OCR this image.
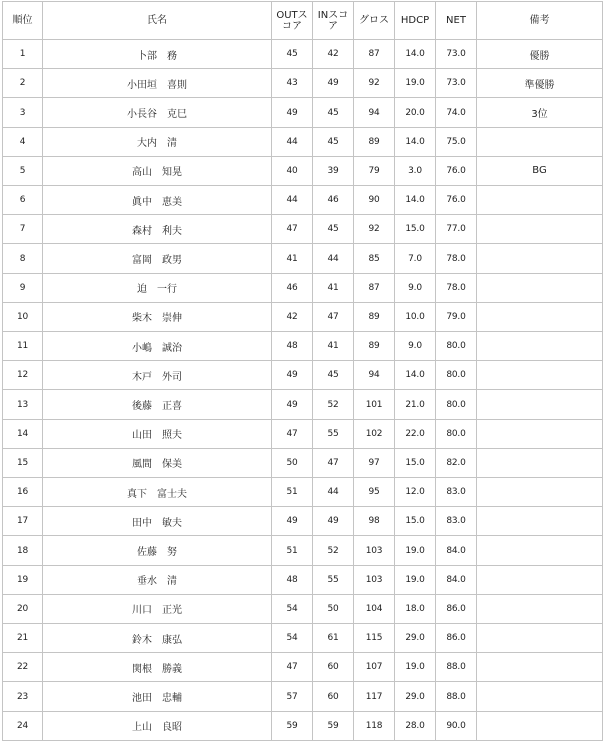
順位	氏名	OUTスコア	INスコア	グロス	HDCP	NET	備考
1	卜部　務	45	42	87	14.0	73.0	優勝
2	小田垣　喜則	43	49	92	19.0	73.0	準優勝
3	小長谷　克巳	49	45	94	20.0	74.0	3位
4	大内　清	44	45	89	14.0	75.0	
5	高山　知晃	40	39	79	3.0	76.0	BG
6	眞中　恵美	44	46	90	14.0	76.0	
7	森村　利夫	47	45	92	15.0	77.0	
8	富岡　政男	41	44	85	7.0	78.0	
9	迫　一行	46	41	87	9.0	78.0	
10	柴木　崇伸	42	47	89	10.0	79.0	
11	小嶋　誠治	48	41	89	9.0	80.0	
12	木戸　外司	49	45	94	14.0	80.0	
13	後藤　正喜	49	52	101	21.0	80.0	
14	山田　照夫	47	55	102	22.0	80.0	
15	風間　保美	50	47	97	15.0	82.0	
16	真下　富士夫	51	44	95	12.0	83.0	
17	田中　敏夫	49	49	98	15.0	83.0	
18	佐藤　努	51	52	103	19.0	84.0	
19	垂水　清	48	55	103	19.0	84.0	
20	川口　正光	54	50	104	18.0	86.0	
21	鈴木　康弘	54	61	115	29.0	86.0	
22	関根　勝義	47	60	107	19.0	88.0	
23	池田　忠輔	57	60	117	29.0	88.0	
24	上山　良昭	59	59	118	28.0	90.0	
